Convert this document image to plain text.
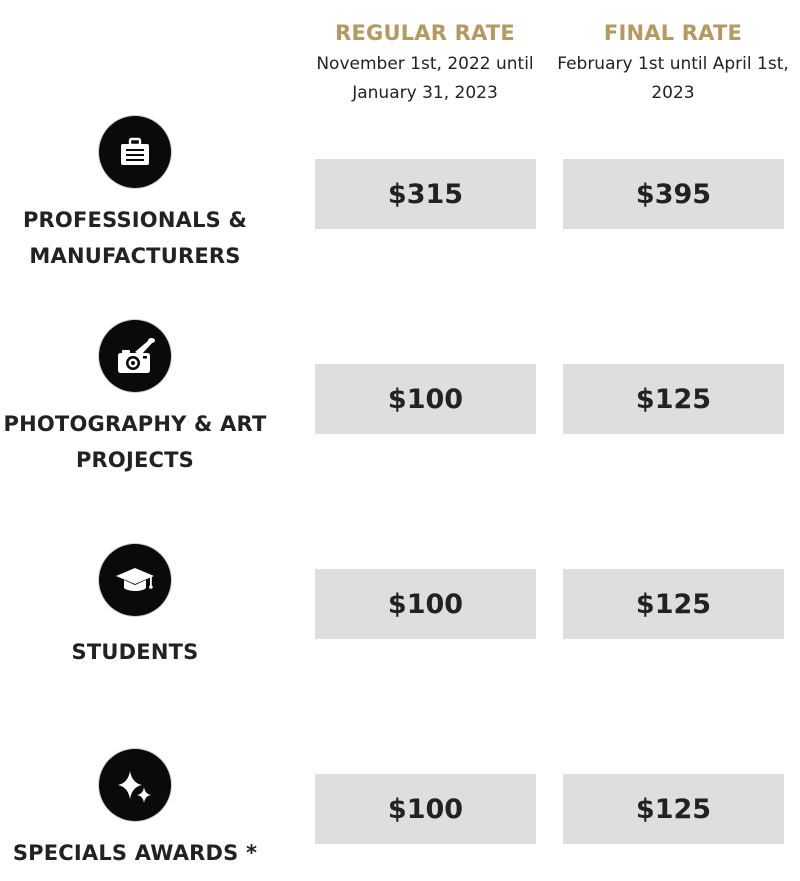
REGULAR RATE
November 1st, 2022 until
January 31, 2023
FINAL RATE
February 1st until April 1st,
2023
PROFESSIONALS &
MANUFACTURERS
$315	$395
PHOTOGRAPHY & ART
PROJECTS
$100	$125
STUDENTS
$100	$125
SPECIALS AWARDS *
$100	$125
